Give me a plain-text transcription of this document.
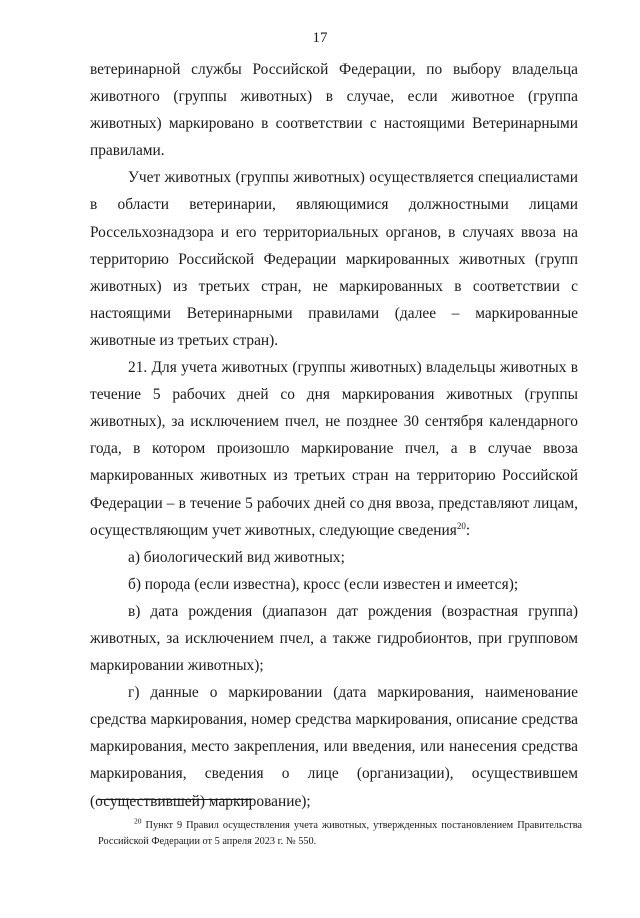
17

ветеринарной службы Российской Федерации, по выбору владельца животного (группы животных) в случае, если животное (группа животных) маркировано в соответствии с настоящими Ветеринарными правилами.

Учет животных (группы животных) осуществляется специалистами в области ветеринарии, являющимися должностными лицами Россельхознадзора и его территориальных органов, в случаях ввоза на территорию Российской Федерации маркированных животных (групп животных) из третьих стран, не маркированных в соответствии с настоящими Ветеринарными правилами (далее – маркированные животные из третьих стран).

21. Для учета животных (группы животных) владельцы животных в течение 5 рабочих дней со дня маркирования животных (группы животных), за исключением пчел, не позднее 30 сентября календарного года, в котором произошло маркирование пчел, а в случае ввоза маркированных животных из третьих стран на территорию Российской Федерации – в течение 5 рабочих дней со дня ввоза, представляют лицам, осуществляющим учет животных, следующие сведения$^{20}$:

а) биологический вид животных;

б) порода (если известна), кросс (если известен и имеется);

в) дата рождения (диапазон дат рождения (возрастная группа) животных, за исключением пчел, а также гидробионтов, при групповом маркировании животных);

г) данные о маркировании (дата маркирования, наименование средства маркирования, номер средства маркирования, описание средства маркирования, место закрепления, или введения, или нанесения средства маркирования, сведения о лице (организации), осуществившем (осуществившей) маркирование);

$^{20}$ Пункт 9 Правил осуществления учета животных, утвержденных постановлением Правительства Российской Федерации от 5 апреля 2023 г. № 550.
